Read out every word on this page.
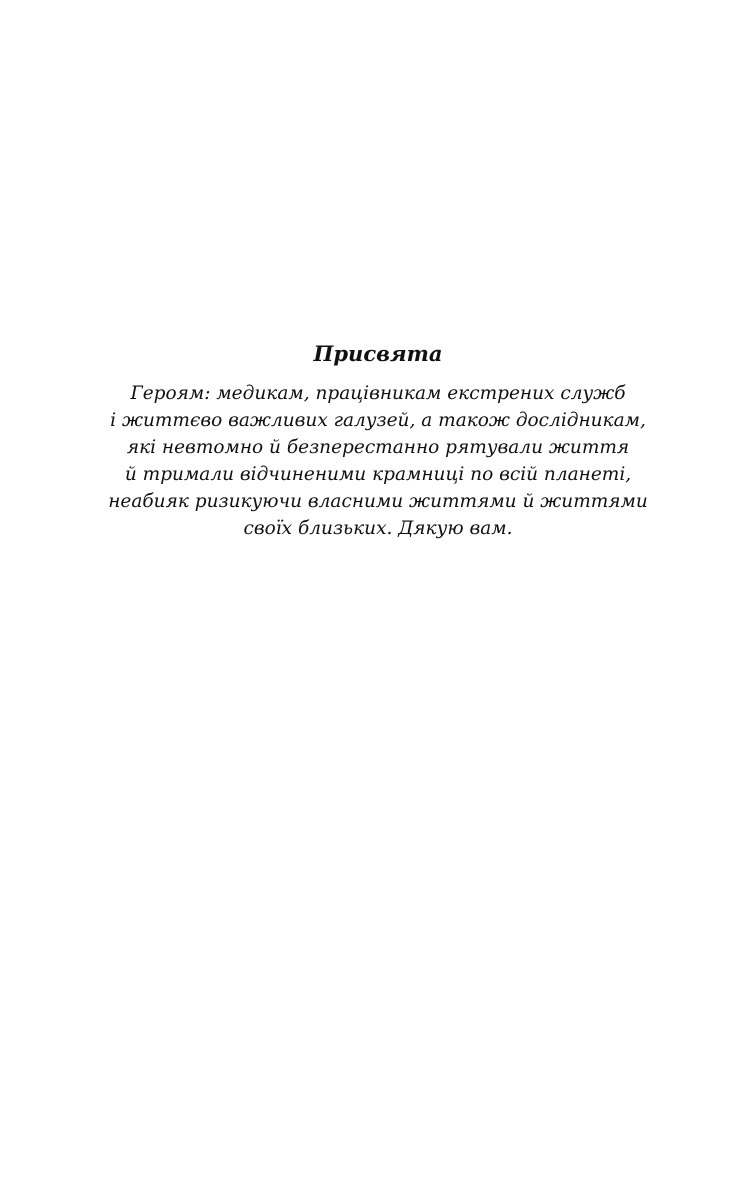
Присвята
Героям: медикам, працівникам екстрених служб
і життєво важливих галузей, а також дослідникам,
які невтомно й безперестанно рятували життя
й тримали відчиненими крамниці по всій планеті,
неабияк ризикуючи власними життями й життями
своїх близьких. Дякую вам.
